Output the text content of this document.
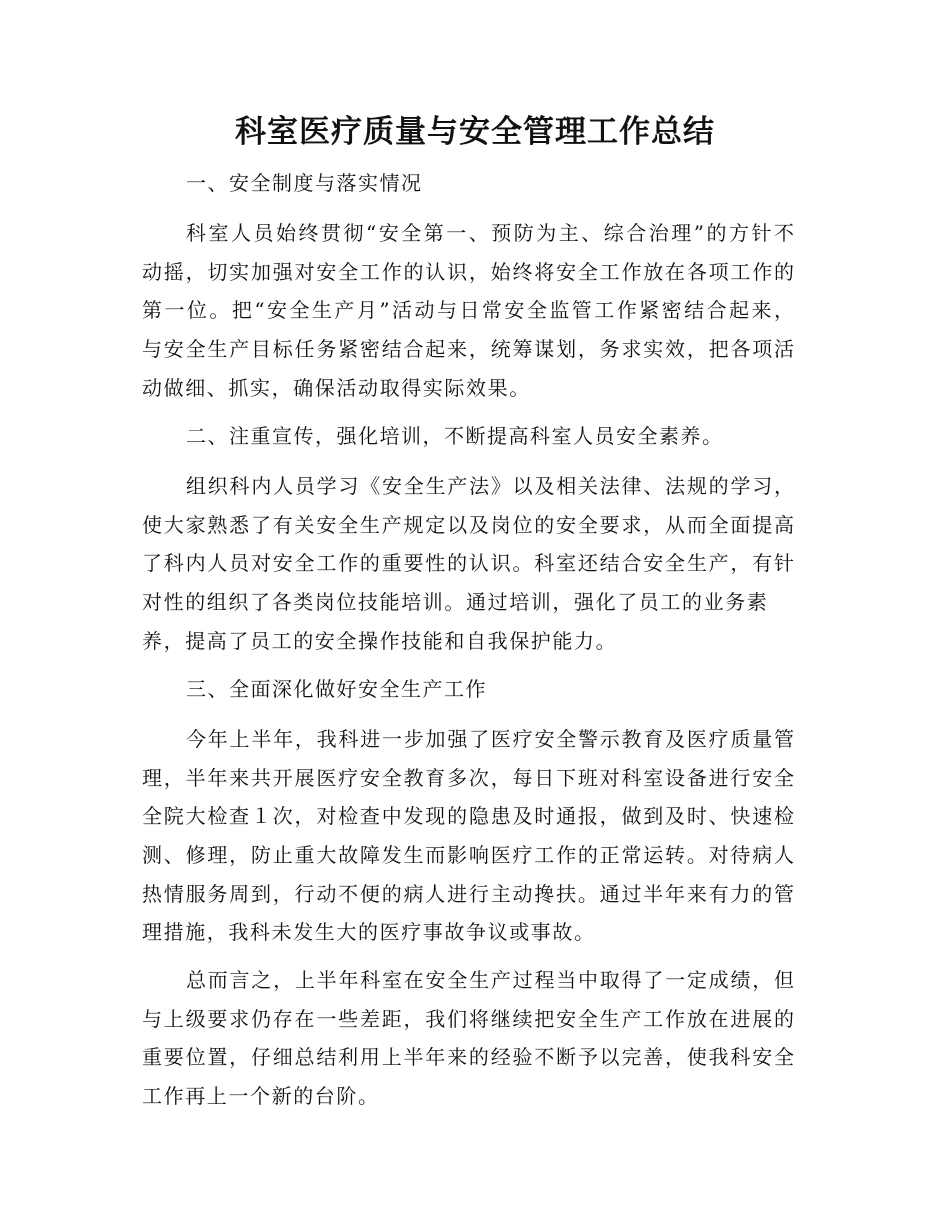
科室医疗质量与安全管理工作总结

一、安全制度与落实情况

科室人员始终贯彻“安全第一、预防为主、综合治理”的方针不
动摇，切实加强对安全工作的认识，始终将安全工作放在各项工作的
第一位。把“安全生产月”活动与日常安全监管工作紧密结合起来，
与安全生产目标任务紧密结合起来，统筹谋划，务求实效，把各项活
动做细、抓实，确保活动取得实际效果。

二、注重宣传，强化培训，不断提高科室人员安全素养。

组织科内人员学习《安全生产法》以及相关法律、法规的学习，
使大家熟悉了有关安全生产规定以及岗位的安全要求，从而全面提高
了科内人员对安全工作的重要性的认识。科室还结合安全生产，有针
对性的组织了各类岗位技能培训。通过培训，强化了员工的业务素
养，提高了员工的安全操作技能和自我保护能力。

三、全面深化做好安全生产工作

今年上半年，我科进一步加强了医疗安全警示教育及医疗质量管
理，半年来共开展医疗安全教育多次，每日下班对科室设备进行安全
全院大检查１次，对检查中发现的隐患及时通报，做到及时、快速检
测、修理，防止重大故障发生而影响医疗工作的正常运转。对待病人
热情服务周到，行动不便的病人进行主动搀扶。通过半年来有力的管
理措施，我科未发生大的医疗事故争议或事故。

总而言之，上半年科室在安全生产过程当中取得了一定成绩，但
与上级要求仍存在一些差距，我们将继续把安全生产工作放在进展的
重要位置，仔细总结利用上半年来的经验不断予以完善，使我科安全
工作再上一个新的台阶。
